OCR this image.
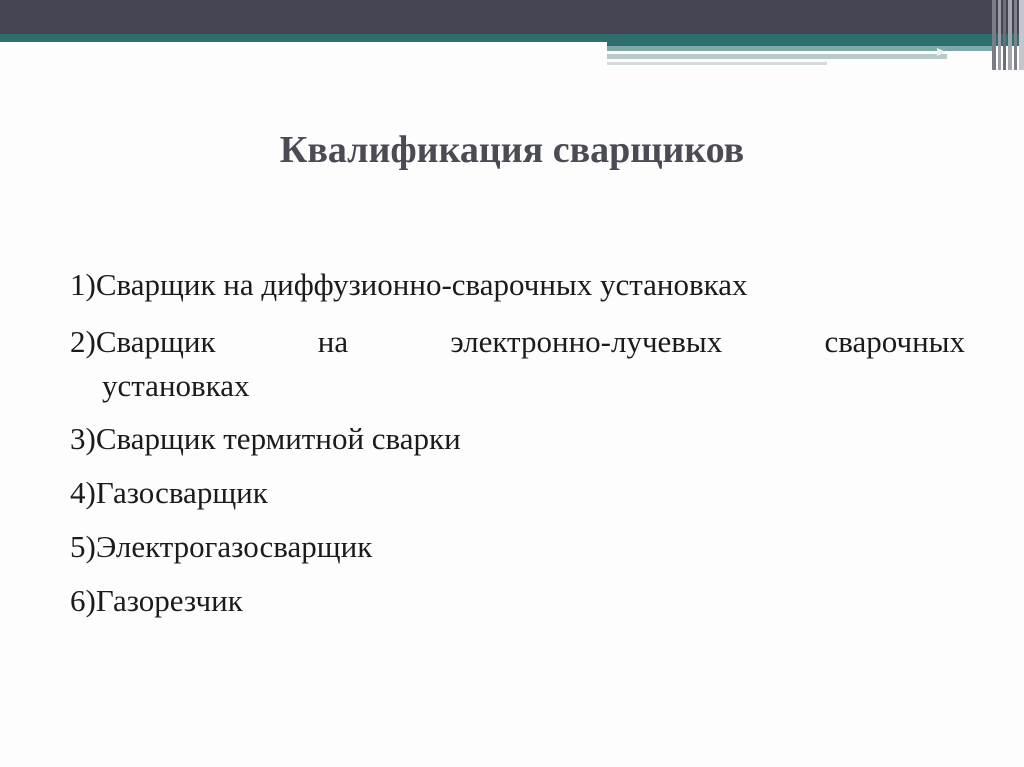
Квалификация сварщиков
1)Сварщик на диффузионно-сварочных установках
2)Сварщик на электронно-лучевых сварочных
установках
3)Сварщик термитной сварки
4)Газосварщик
5)Электрогазосварщик
6)Газорезчик
